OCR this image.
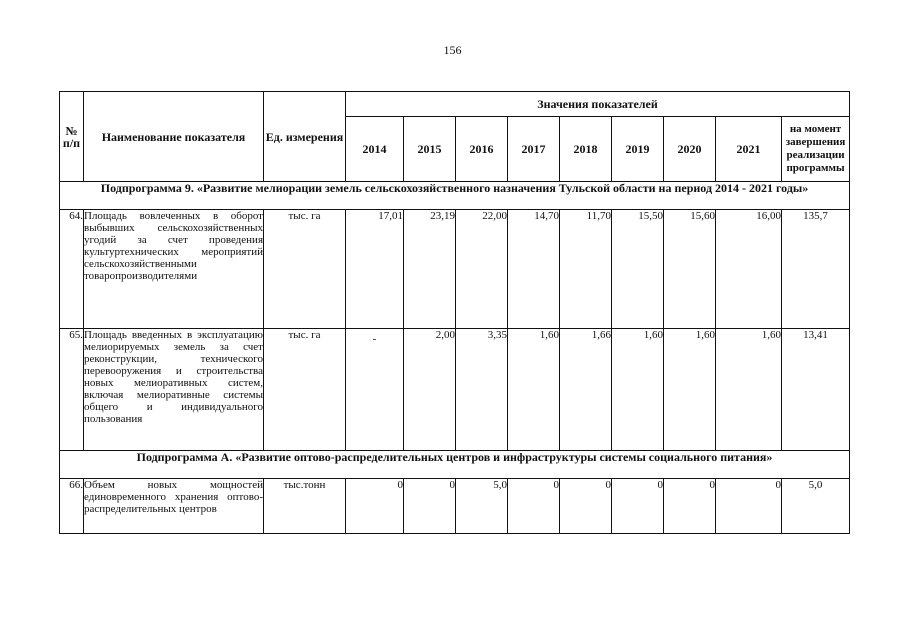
156
№ п/п	Наименование показателя	Ед. измерения	Значения показателей								
			2014	2015	2016	2017	2018	2019	2020	2021	на момент завершения реализации программы
Подпрограмма 9. «Развитие мелиорации земель сельскохозяйственного назначения Тульской области на период 2014 - 2021 годы»											
64.	Площадь вовлеченных в оборот выбывших сельскохозяйственных угодий за счет проведения культуртехнических мероприятий сельскохозяйственными товаропроизводителями	тыс. га	17,01	23,19	22,00	14,70	11,70	15,50	15,60	16,00	135,7
65.	Площадь введенных в эксплуатацию мелиорируемых земель за счет реконструкции, технического перевооружения и строительства новых мелиоративных систем, включая мелиоративные системы общего и индивидуального пользования	тыс. га	-	2,00	3,35	1,60	1,66	1,60	1,60	1,60	13,41
Подпрограмма А. «Развитие оптово-распределительных центров и инфраструктуры системы социального питания»											
66.	Объем новых мощностей единовременного хранения оптово-распределительных центров	тыс.тонн	0	0	5,0	0	0	0	0	0	5,0
